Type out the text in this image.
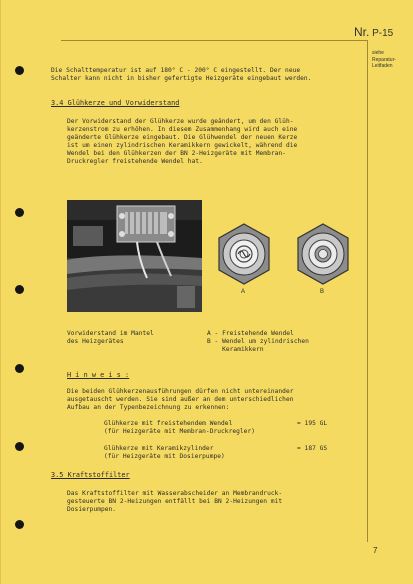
Nr. P-15
siehe
Reparatur-
Leitfaden
Die Schalttemperatur ist auf 180° C - 200° C eingestellt. Der neue
Schalter kann nicht in bisher gefertigte Heizgeräte eingebaut werden.
3.4 Glühkerze und Vorwiderstand
Der Vorwiderstand der Glühkerze wurde geändert, um den Glüh-
kerzenstrom zu erhöhen. In diesem Zusammenhang wird auch eine
geänderte Glühkerze eingebaut. Die Glühwendel der neuen Kerze
ist um einen zylindrischen Keramikkern gewickelt, während die
Wendel bei den Glühkerzen der BN 2-Heizgeräte mit Membran-
Druckregler freistehende Wendel hat.
A	B
Vorwiderstand im Mantel
des Heizgerätes
A - Freistehende Wendel
B - Wendel um zylindrischen
Keramikkern
H i n w e i s :
Die beiden Glühkerzenausführungen dürfen nicht untereinander
ausgetauscht werden. Sie sind außer an dem unterschiedlichen
Aufbau an der Typenbezeichnung zu erkennen:
Glühkerze mit freistehendem Wendel
(für Heizgeräte mit Membran-Druckregler)
= 195 GL
Glühkerze mit Keramikzylinder
(für Heizgeräte mit Dosierpumpe)
= 187 GS
3.5 Kraftstoffilter
Das Kraftstoffilter mit Wasserabscheider an Membrandruck-
gesteuerte BN 2-Heizungen entfällt bei BN 2-Heizungen mit
Dosierpumpen.
7
